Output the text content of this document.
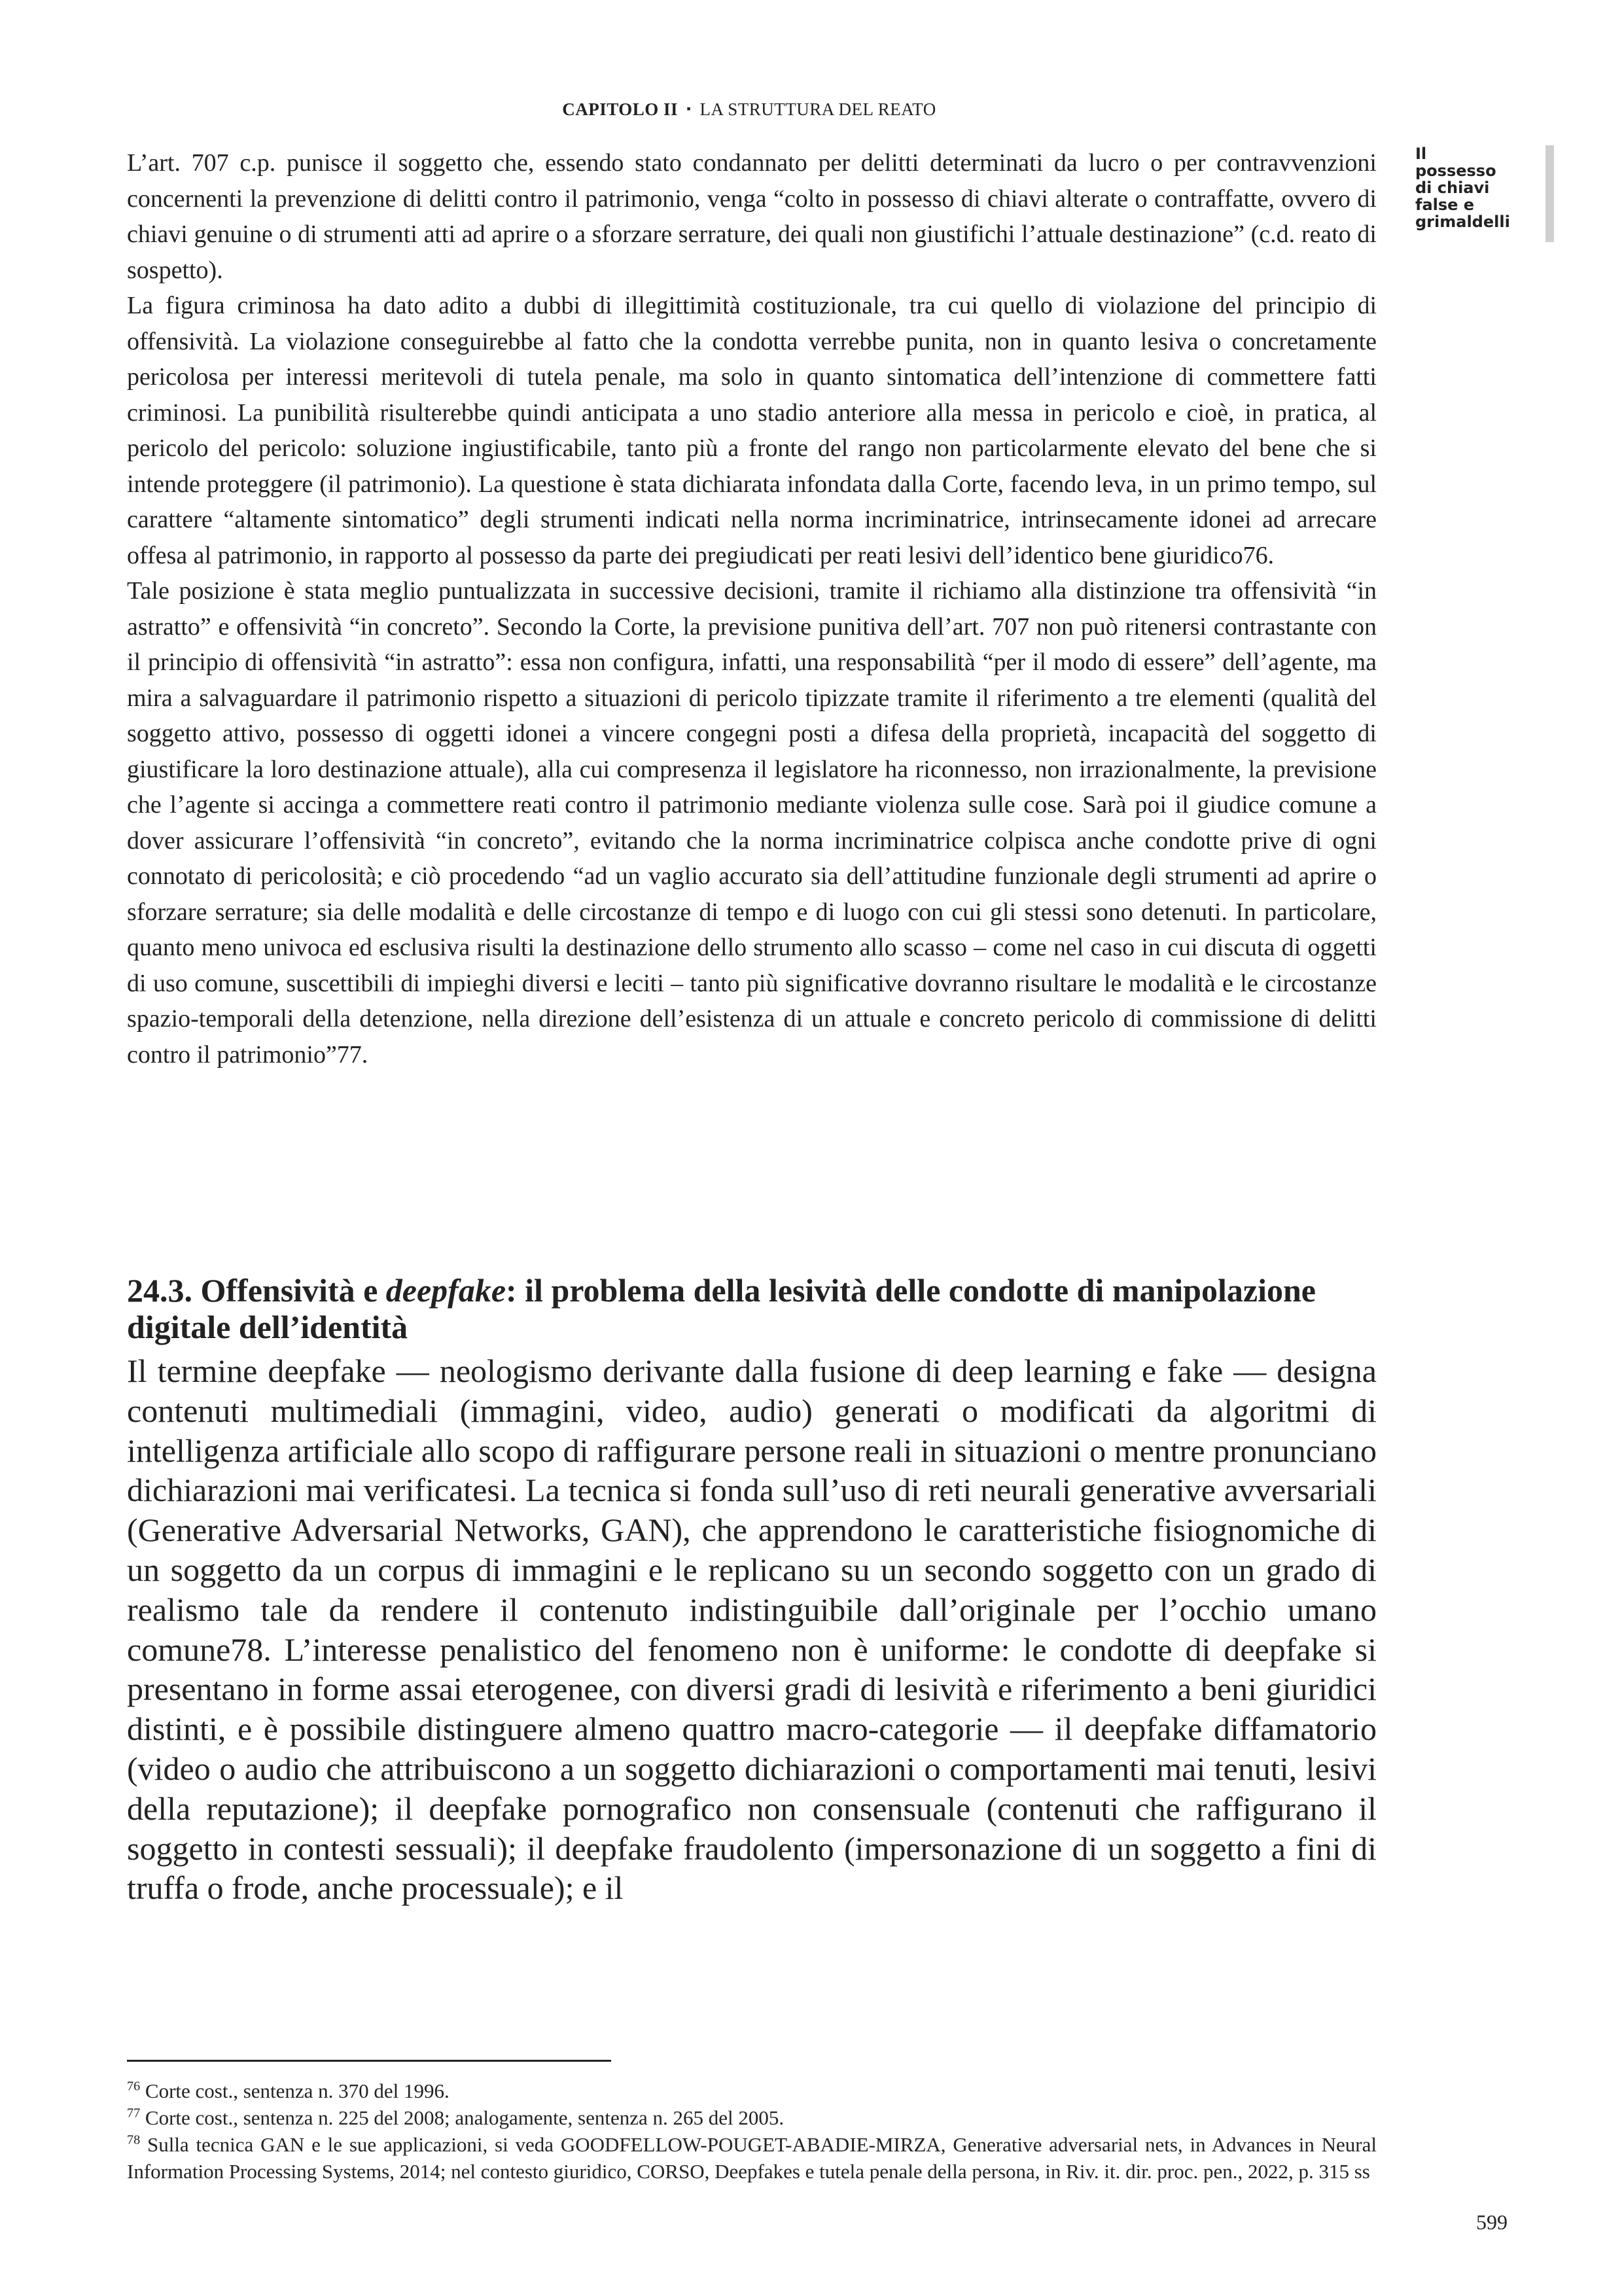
CAPITOLO II ▪ LA STRUTTURA DEL REATO
Il possesso di chiavi false e grimaldelli

L’art. 707 c.p. punisce il soggetto che, essendo stato condannato per delitti determinati da lucro o per contravvenzioni concernenti la prevenzione di delitti contro il patrimonio, venga “colto in possesso di chiavi alterate o contraffatte, ovvero di chiavi genuine o di strumenti atti ad aprire o a sforzare serrature, dei quali non giustifichi l’attuale destinazione” (c.d. reato di sospetto).

La figura criminosa ha dato adito a dubbi di illegittimità costituzionale, tra cui quello di violazione del principio di offensività. La violazione conseguirebbe al fatto che la condotta verrebbe punita, non in quanto lesiva o concretamente pericolosa per interessi meritevoli di tutela penale, ma solo in quanto sintomatica dell’intenzione di commettere fatti criminosi. La punibilità risulterebbe quindi anticipata a uno stadio anteriore alla messa in pericolo e cioè, in pratica, al pericolo del pericolo: soluzione ingiustificabile, tanto più a fronte del rango non particolarmente elevato del bene che si intende proteggere (il patrimonio). La questione è stata dichiarata infondata dalla Corte, facendo leva, in un primo tempo, sul carattere “altamente sintomatico” degli strumenti indicati nella norma incriminatrice, intrinsecamente idonei ad arrecare offesa al patrimonio, in rapporto al possesso da parte dei pregiudicati per reati lesivi dell’identico bene giuridico76.

Tale posizione è stata meglio puntualizzata in successive decisioni, tramite il richiamo alla distinzione tra offensività “in astratto” e offensività “in concreto”. Secondo la Corte, la previsione punitiva dell’art. 707 non può ritenersi contrastante con il principio di offensività “in astratto”: essa non configura, infatti, una responsabilità “per il modo di essere” dell’agente, ma mira a salvaguardare il patrimonio rispetto a situazioni di pericolo tipizzate tramite il riferimento a tre elementi (qualità del soggetto attivo, possesso di oggetti idonei a vincere congegni posti a difesa della proprietà, incapacità del soggetto di giustificare la loro destinazione attuale), alla cui compresenza il legislatore ha riconnesso, non irrazionalmente, la previsione che l’agente si accinga a commettere reati contro il patrimonio mediante violenza sulle cose. Sarà poi il giudice comune a dover assicurare l’offensività “in concreto”, evitando che la norma incriminatrice colpisca anche condotte prive di ogni connotato di pericolosità; e ciò procedendo “ad un vaglio accurato sia dell’attitudine funzionale degli strumenti ad aprire o sforzare serrature; sia delle modalità e delle circostanze di tempo e di luogo con cui gli stessi sono detenuti. In particolare, quanto meno univoca ed esclusiva risulti la destinazione dello strumento allo scasso – come nel caso in cui discuta di oggetti di uso comune, suscettibili di impieghi diversi e leciti – tanto più significative dovranno risultare le modalità e le circostanze spazio-temporali della detenzione, nella direzione dell’esistenza di un attuale e concreto pericolo di commissione di delitti contro il patrimonio”77.

24.3. Offensività e deepfake: il problema della lesività delle condotte di manipolazione digitale dell’identità

Il termine deepfake — neologismo derivante dalla fusione di deep learning e fake — designa contenuti multimediali (immagini, video, audio) generati o modificati da algoritmi di intelligenza artificiale allo scopo di raffigurare persone reali in situazioni o mentre pronunciano dichiarazioni mai verificatesi. La tecnica si fonda sull’uso di reti neurali generative avversariali (Generative Adversarial Networks, GAN), che apprendono le caratteristiche fisiognomiche di un soggetto da un corpus di immagini e le replicano su un secondo soggetto con un grado di realismo tale da rendere il contenuto indistinguibile dall’originale per l’occhio umano comune78. L’interesse penalistico del fenomeno non è uniforme: le condotte di deepfake si presentano in forme assai eterogenee, con diversi gradi di lesività e riferimento a beni giuridici distinti, e è possibile distinguere almeno quattro macro-categorie — il deepfake diffamatorio (video o audio che attribuiscono a un soggetto dichiarazioni o comportamenti mai tenuti, lesivi della reputazione); il deepfake pornografico non consensuale (contenuti che raffigurano il soggetto in contesti sessuali); il deepfake fraudolento (impersonazione di un soggetto a fini di truffa o frode, anche processuale); e il

$^{76}$ Corte cost., sentenza n. 370 del 1996.

$^{77}$ Corte cost., sentenza n. 225 del 2008; analogamente, sentenza n. 265 del 2005.

$^{78}$ Sulla tecnica GAN e le sue applicazioni, si veda GOODFELLOW-POUGET-ABADIE-MIRZA, Generative adversarial nets, in Advances in Neural Information Processing Systems, 2014; nel contesto giuridico, CORSO, Deepfakes e tutela penale della persona, in Riv. it. dir. proc. pen., 2022, p. 315 ss

599
